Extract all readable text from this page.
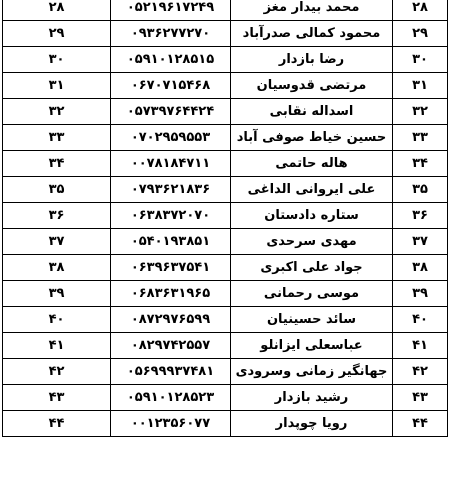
۲۸	۰۵۲۱۹۶۱۷۲۴۹	محمد بیدار مغز	۲۸
۲۹	۰۹۳۶۲۷۷۲۷۰	محمود کمالی صدرآباد	۲۹
۳۰	۰۵۹۱۰۱۲۸۵۱۵	رضا بازدار	۳۰
۳۱	۰۶۷۰۷۱۵۴۶۸	مرتضی قدوسیان	۳۱
۳۲	۰۵۷۳۹۷۶۴۴۲۴	اسداله نقابی	۳۲
۳۳	۰۷۰۲۹۵۹۵۵۳	حسین خیاط صوفی آباد	۳۳
۳۴	۰۰۷۸۱۸۴۷۱۱	هاله حاتمی	۳۴
۳۵	۰۷۹۳۶۲۱۸۳۶	علی ایروانی الداغی	۳۵
۳۶	۰۶۳۸۳۷۲۰۷۰	ستاره دادستان	۳۶
۳۷	۰۵۴۰۱۹۳۸۵۱	مهدی سرحدی	۳۷
۳۸	۰۶۳۹۶۳۷۵۴۱	جواد علی اکبری	۳۸
۳۹	۰۶۸۳۶۳۱۹۶۵	موسی رحمانی	۳۹
۴۰	۰۸۷۲۹۷۶۵۹۹	سائد حسینیان	۴۰
۴۱	۰۸۲۹۷۴۲۵۵۷	عباسعلی ایزانلو	۴۱
۴۲	۰۵۶۹۹۹۳۷۴۸۱	جهانگیر زمانی وسرودی	۴۲
۴۳	۰۵۹۱۰۱۲۸۵۲۳	رشید بازدار	۴۳
۴۴	۰۰۱۲۳۵۶۰۷۷	رویا چوپدار	۴۴
